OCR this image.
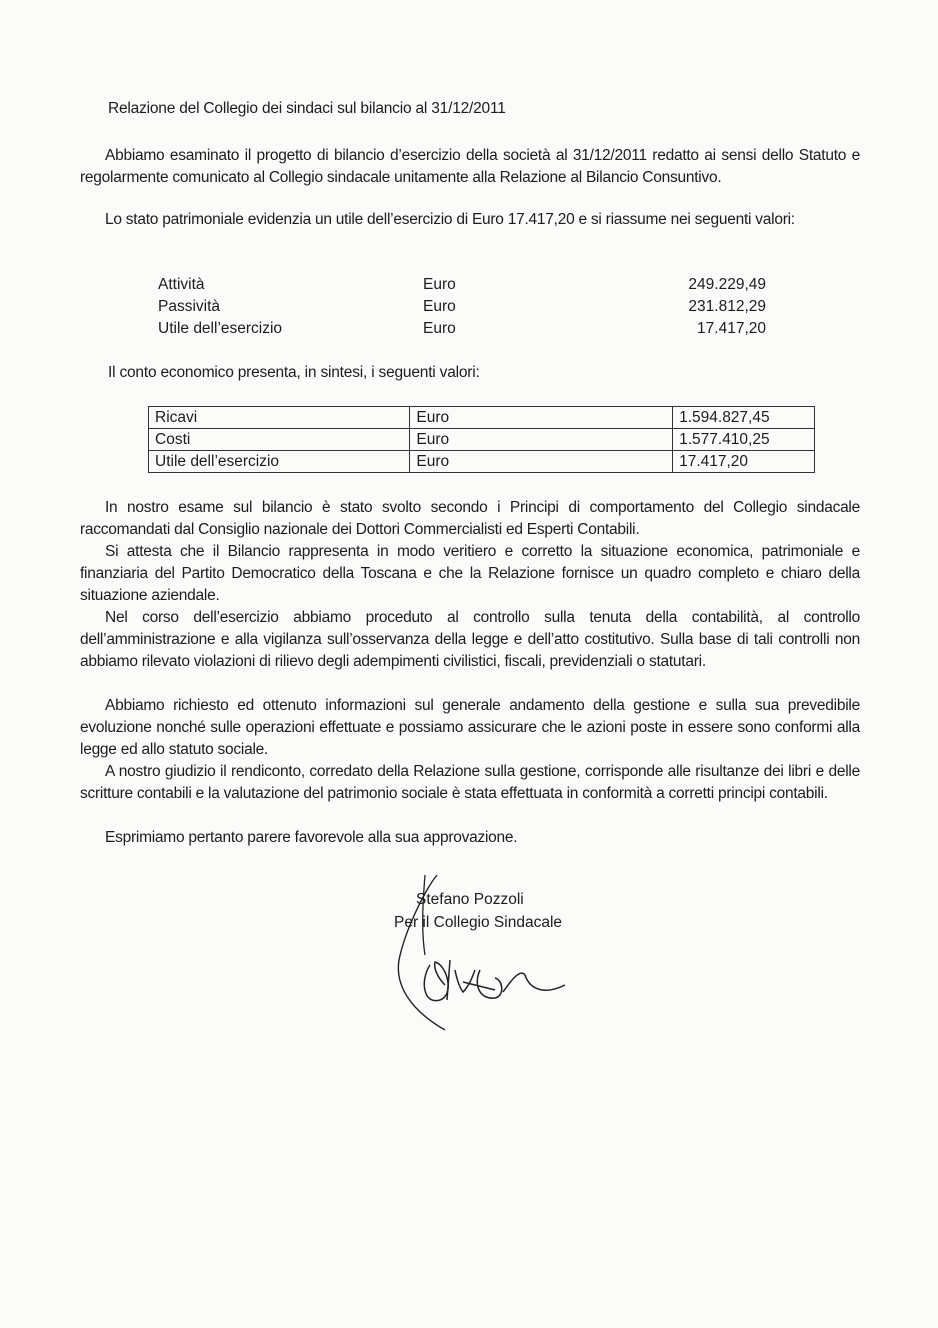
Relazione del Collegio dei sindaci sul bilancio al 31/12/2011
Abbiamo esaminato il progetto di bilancio d’esercizio della società al 31/12/2011 redatto ai sensi dello Statuto e regolarmente comunicato al Collegio sindacale unitamente alla Relazione al Bilancio Consuntivo.
Lo stato patrimoniale evidenzia un utile dell’esercizio di Euro 17.417,20 e si riassume nei seguenti valori:
Attività	Euro	249.229,49
Passività	Euro	231.812,29
Utile dell’esercizio	Euro	17.417,20
Il conto economico presenta, in sintesi, i seguenti valori:
Ricavi	Euro	1.594.827,45
Costi	Euro	1.577.410,25
Utile dell’esercizio	Euro	17.417,20
In nostro esame sul bilancio è stato svolto secondo i Principi di comportamento del Collegio sindacale raccomandati dal Consiglio nazionale dei Dottori Commercialisti ed Esperti Contabili.
Si attesta che il Bilancio rappresenta in modo veritiero e corretto la situazione economica, patrimoniale e finanziaria del Partito Democratico della Toscana e che la Relazione fornisce un quadro completo e chiaro della situazione aziendale.
Nel corso dell’esercizio abbiamo proceduto al controllo sulla tenuta della contabilità, al controllo dell’amministrazione e alla vigilanza sull’osservanza della legge e dell’atto costitutivo. Sulla base di tali controlli non abbiamo rilevato violazioni di rilievo degli adempimenti civilistici, fiscali, previdenziali o statutari.
Abbiamo richiesto ed ottenuto informazioni sul generale andamento della gestione e sulla sua prevedibile evoluzione nonché sulle operazioni effettuate e possiamo assicurare che le azioni poste in essere sono conformi alla legge ed allo statuto sociale.
A nostro giudizio il rendiconto, corredato della Relazione sulla gestione, corrisponde alle risultanze dei libri e delle scritture contabili e la valutazione del patrimonio sociale è stata effettuata in conformità a corretti principi contabili.
Esprimiamo pertanto parere favorevole alla sua approvazione.
Stefano Pozzoli
Per il Collegio Sindacale
